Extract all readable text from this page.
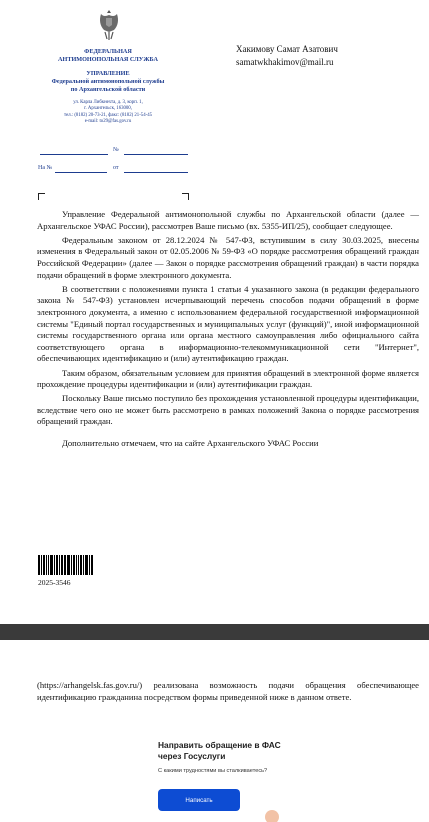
ФЕДЕРАЛЬНАЯ
АНТИМОНОПОЛЬНАЯ СЛУЖБА
УПРАВЛЕНИЕ
Федеральной антимонопольной службы
по Архангельской области
ул. Карла Либкнехта, д. 3, корп. 1,
г. Архангельск, 163000,
тел.: (8182) 20-73-21, факс: (8182) 21-54-45
e-mail: to29@fas.gov.ru
Хакимову Самат Азатович
samatwkhakimov@mail.ru
№
На №	от

Управление Федеральной антимонопольной службы по Архангельской области (далее — Архангельское УФАС России), рассмотрев Ваше письмо (вх. 5355-ИП/25), сообщает следующее.

Федеральным законом от 28.12.2024 № 547-ФЗ, вступившим в силу 30.03.2025, внесены изменения в Федеральный закон от 02.05.2006 № 59-ФЗ «О порядке рассмотрения обращений граждан Российской Федерации» (далее — Закон о порядке рассмотрения обращений граждан) в части порядка подачи обращений в форме электронного документа.

В соответствии с положениями пункта 1 статьи 4 указанного закона (в редакции федерального закона № 547-ФЗ) установлен исчерпывающий перечень способов подачи обращений в форме электронного документа, а именно с использованием федеральной государственной информационной системы "Единый портал государственных и муниципальных услуг (функций)", иной информационной системы государственного органа или органа местного самоуправления либо официального сайта соответствующего органа в информационно-телекоммуникационной сети "Интернет", обеспечивающих идентификацию и (или) аутентификацию граждан.

Таким образом, обязательным условием для принятия обращений в электронной форме является прохождение процедуры идентификации и (или) аутентификации граждан.

Поскольку Ваше письмо поступило без прохождения установленной процедуры идентификации, вследствие чего оно не может быть рассмотрено в рамках положений Закона о порядке рассмотрения обращений граждан.

Дополнительно отмечаем, что на сайте Архангельского УФАС России

2025-3546
(https://arhangelsk.fas.gov.ru/) реализована возможность подачи обращения обеспечивающее идентификацию гражданина посредством формы приведенной ниже в данном ответе.
Направить обращение в ФАС
через Госуслуги
С какими трудностями вы сталкиваетесь?
Написать
